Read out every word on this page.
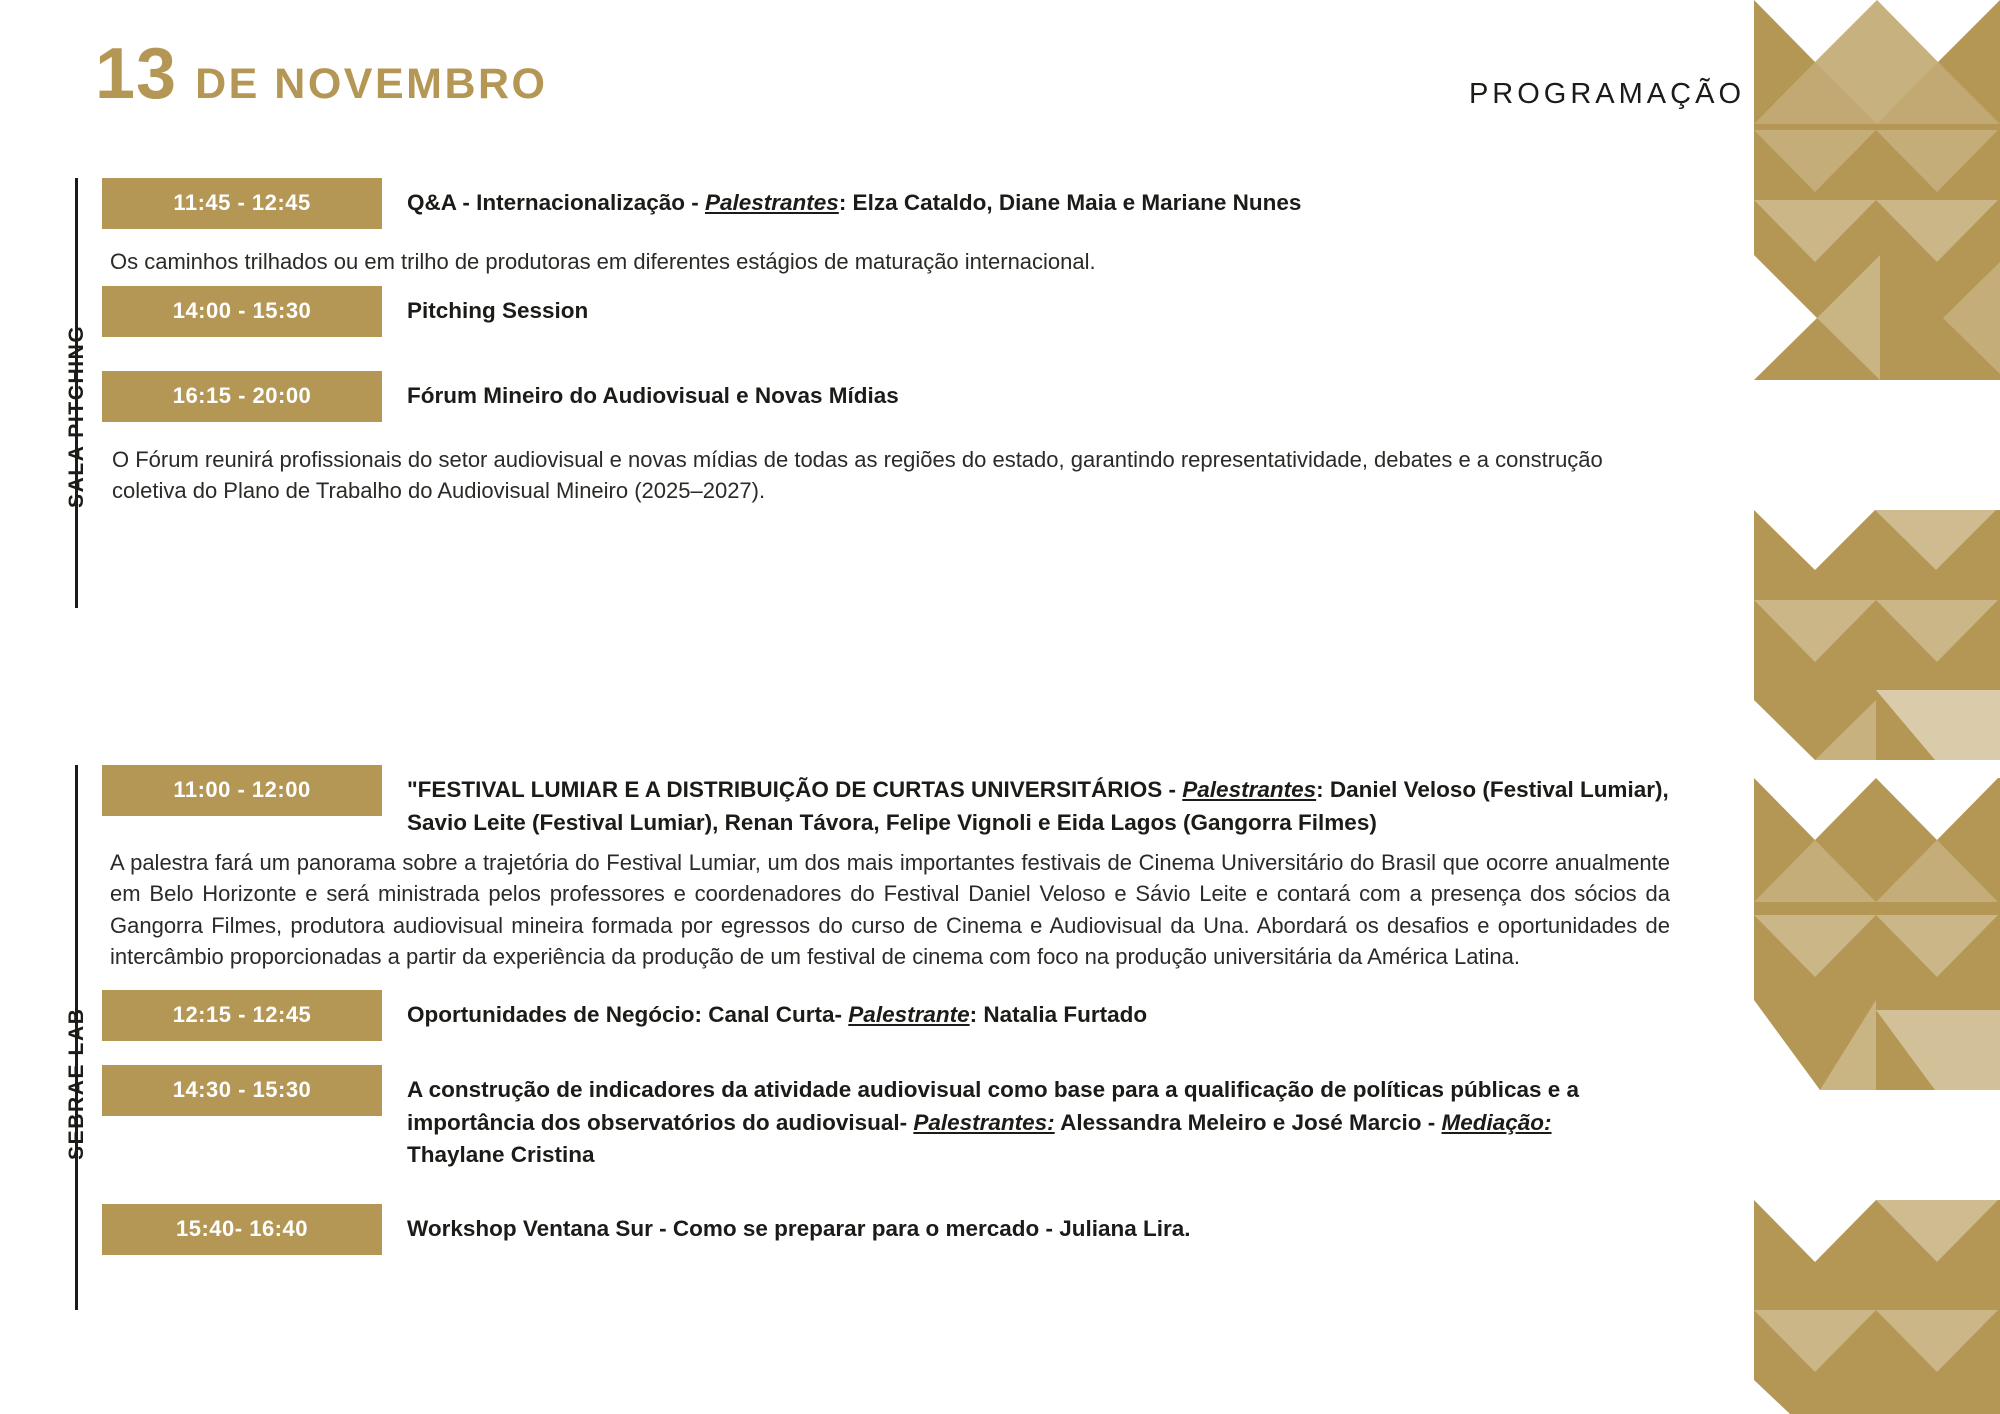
13 DE NOVEMBRO	PROGRAMAÇÃO
SALA PITCHING
11:45 - 12:45	Q&A - Internacionalização - Palestrantes: Elza Cataldo, Diane Maia e Mariane Nunes
Os caminhos trilhados ou em trilho de produtoras em diferentes estágios de maturação internacional.
14:00 - 15:30	Pitching Session
16:15 - 20:00	Fórum Mineiro do Audiovisual e Novas Mídias
O Fórum reunirá profissionais do setor audiovisual e novas mídias de todas as regiões do estado, garantindo representatividade, debates e a construção coletiva do Plano de Trabalho do Audiovisual Mineiro (2025–2027).
SEBRAE LAB
11:00 - 12:00	"FESTIVAL LUMIAR E A DISTRIBUIÇÃO DE CURTAS UNIVERSITÁRIOS - Palestrantes: Daniel Veloso (Festival Lumiar), Savio Leite (Festival Lumiar), Renan Távora, Felipe Vignoli e Eida Lagos (Gangorra Filmes)
A palestra fará um panorama sobre a trajetória do Festival Lumiar, um dos mais importantes festivais de Cinema Universitário do Brasil que ocorre anualmente em Belo Horizonte e será ministrada pelos professores e coordenadores do Festival Daniel Veloso e Sávio Leite e contará com a presença dos sócios da Gangorra Filmes, produtora audiovisual mineira formada por egressos do curso de Cinema e Audiovisual da Una. Abordará os desafios e oportunidades de intercâmbio proporcionadas a partir da experiência da produção de um festival de cinema com foco na produção universitária da América Latina.
12:15 - 12:45	Oportunidades de Negócio: Canal Curta- Palestrante: Natalia Furtado
14:30 - 15:30	A construção de indicadores da atividade audiovisual como base para a qualificação de políticas públicas e a importância dos observatórios do audiovisual- Palestrantes: Alessandra Meleiro e José Marcio - Mediação: Thaylane Cristina
15:40- 16:40	Workshop Ventana Sur - Como se preparar para o mercado - Juliana Lira.
